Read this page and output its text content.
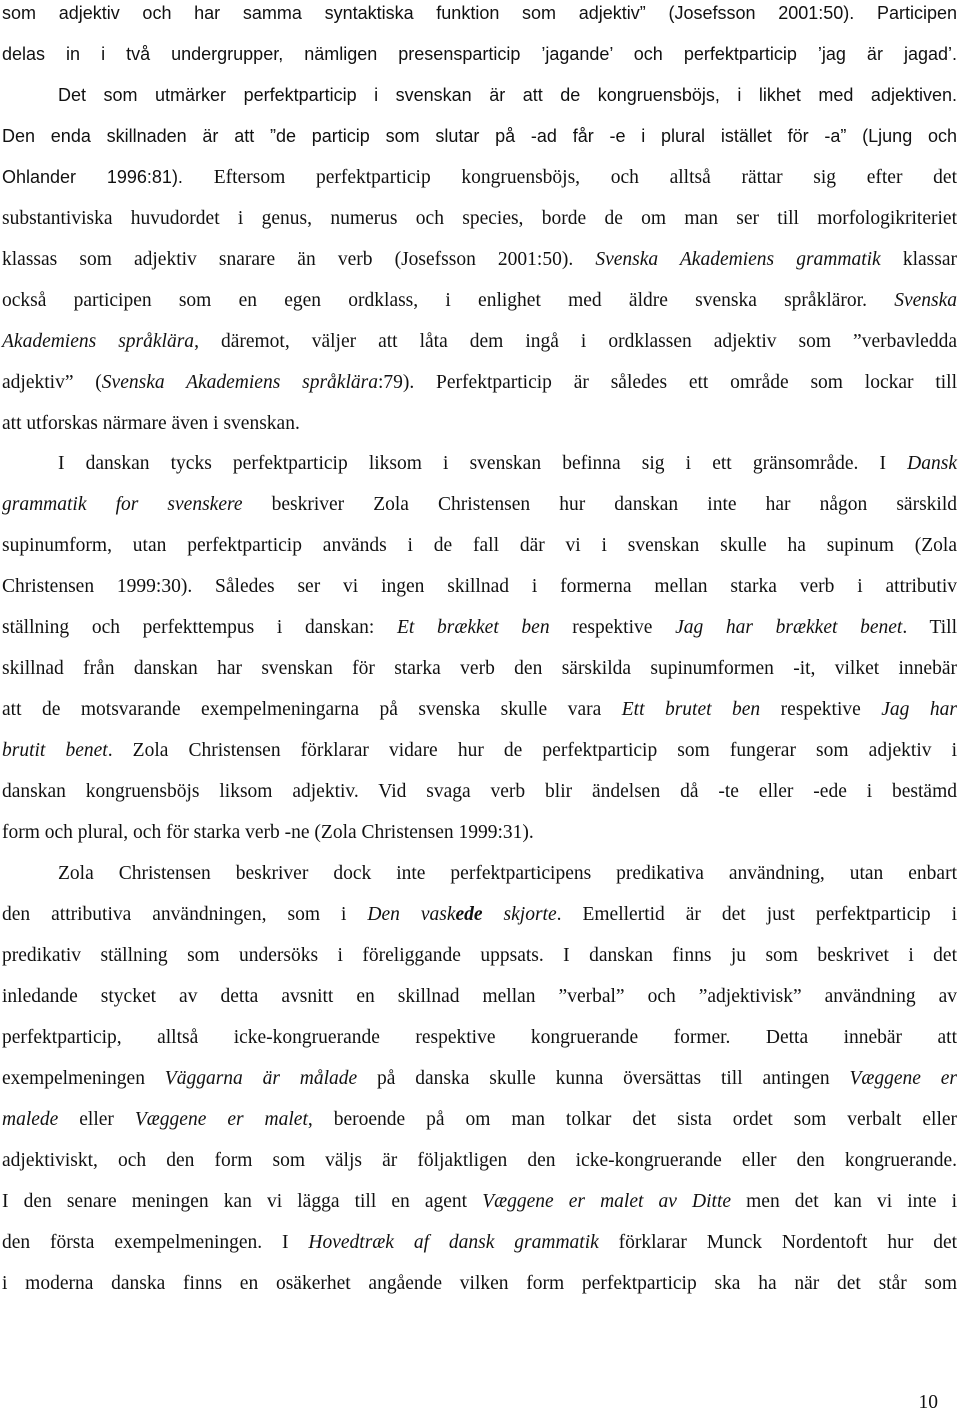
som adjektiv och har samma syntaktiska funktion som adjektiv” (Josefsson 2001:50). Participen
delas in i två undergrupper, nämligen presensparticip ’jagande’ och perfektparticip ’jag är jagad’.
Det som utmärker perfektparticip i svenskan är att de kongruensböjs, i likhet med adjektiven.
Den enda skillnaden är att ”de particip som slutar på -ad får -e i plural istället för -a” (Ljung och
Ohlander 1996:81). Eftersom perfektparticip kongruensböjs, och alltså rättar sig efter det
substantiviska huvudordet i genus, numerus och species, borde de om man ser till morfologikriteriet
klassas som adjektiv snarare än verb (Josefsson 2001:50). Svenska Akademiens grammatik klassar
också participen som en egen ordklass, i enlighet med äldre svenska språkläror. Svenska
Akademiens språklära, däremot, väljer att låta dem ingå i ordklassen adjektiv som ”verbavledda
adjektiv” (Svenska Akademiens språklära:79). Perfektparticip är således ett område som lockar till
att utforskas närmare även i svenskan.
I danskan tycks perfektparticip liksom i svenskan befinna sig i ett gränsområde. I Dansk
grammatik for svenskere beskriver Zola Christensen hur danskan inte har någon särskild
supinumform, utan perfektparticip används i de fall där vi i svenskan skulle ha supinum (Zola
Christensen 1999:30). Således ser vi ingen skillnad i formerna mellan starka verb i attributiv
ställning och perfekttempus i danskan: Et brækket ben respektive Jag har brækket benet. Till
skillnad från danskan har svenskan för starka verb den särskilda supinumformen -it, vilket innebär
att de motsvarande exempelmeningarna på svenska skulle vara Ett brutet ben respektive Jag har
brutit benet. Zola Christensen förklarar vidare hur de perfektparticip som fungerar som adjektiv i
danskan kongruensböjs liksom adjektiv. Vid svaga verb blir ändelsen då -te eller -ede i bestämd
form och plural, och för starka verb -ne (Zola Christensen 1999:31).
Zola Christensen beskriver dock inte perfektparticipens predikativa användning, utan enbart
den attributiva användningen, som i Den vaskede skjorte. Emellertid är det just perfektparticip i
predikativ ställning som undersöks i föreliggande uppsats. I danskan finns ju som beskrivet i det
inledande stycket av detta avsnitt en skillnad mellan ”verbal” och ”adjektivisk” användning av
perfektparticip, alltså icke-kongruerande respektive kongruerande former. Detta innebär att
exempelmeningen Väggarna är målade på danska skulle kunna översättas till antingen Væggene er
malede eller Væggene er malet, beroende på om man tolkar det sista ordet som verbalt eller
adjektiviskt, och den form som väljs är följaktligen den icke-kongruerande eller den kongruerande.
I den senare meningen kan vi lägga till en agent Væggene er malet av Ditte men det kan vi inte i
den första exempelmeningen. I Hovedtræk af dansk grammatik förklarar Munck Nordentoft hur det
i moderna danska finns en osäkerhet angående vilken form perfektparticip ska ha när det står som
10
